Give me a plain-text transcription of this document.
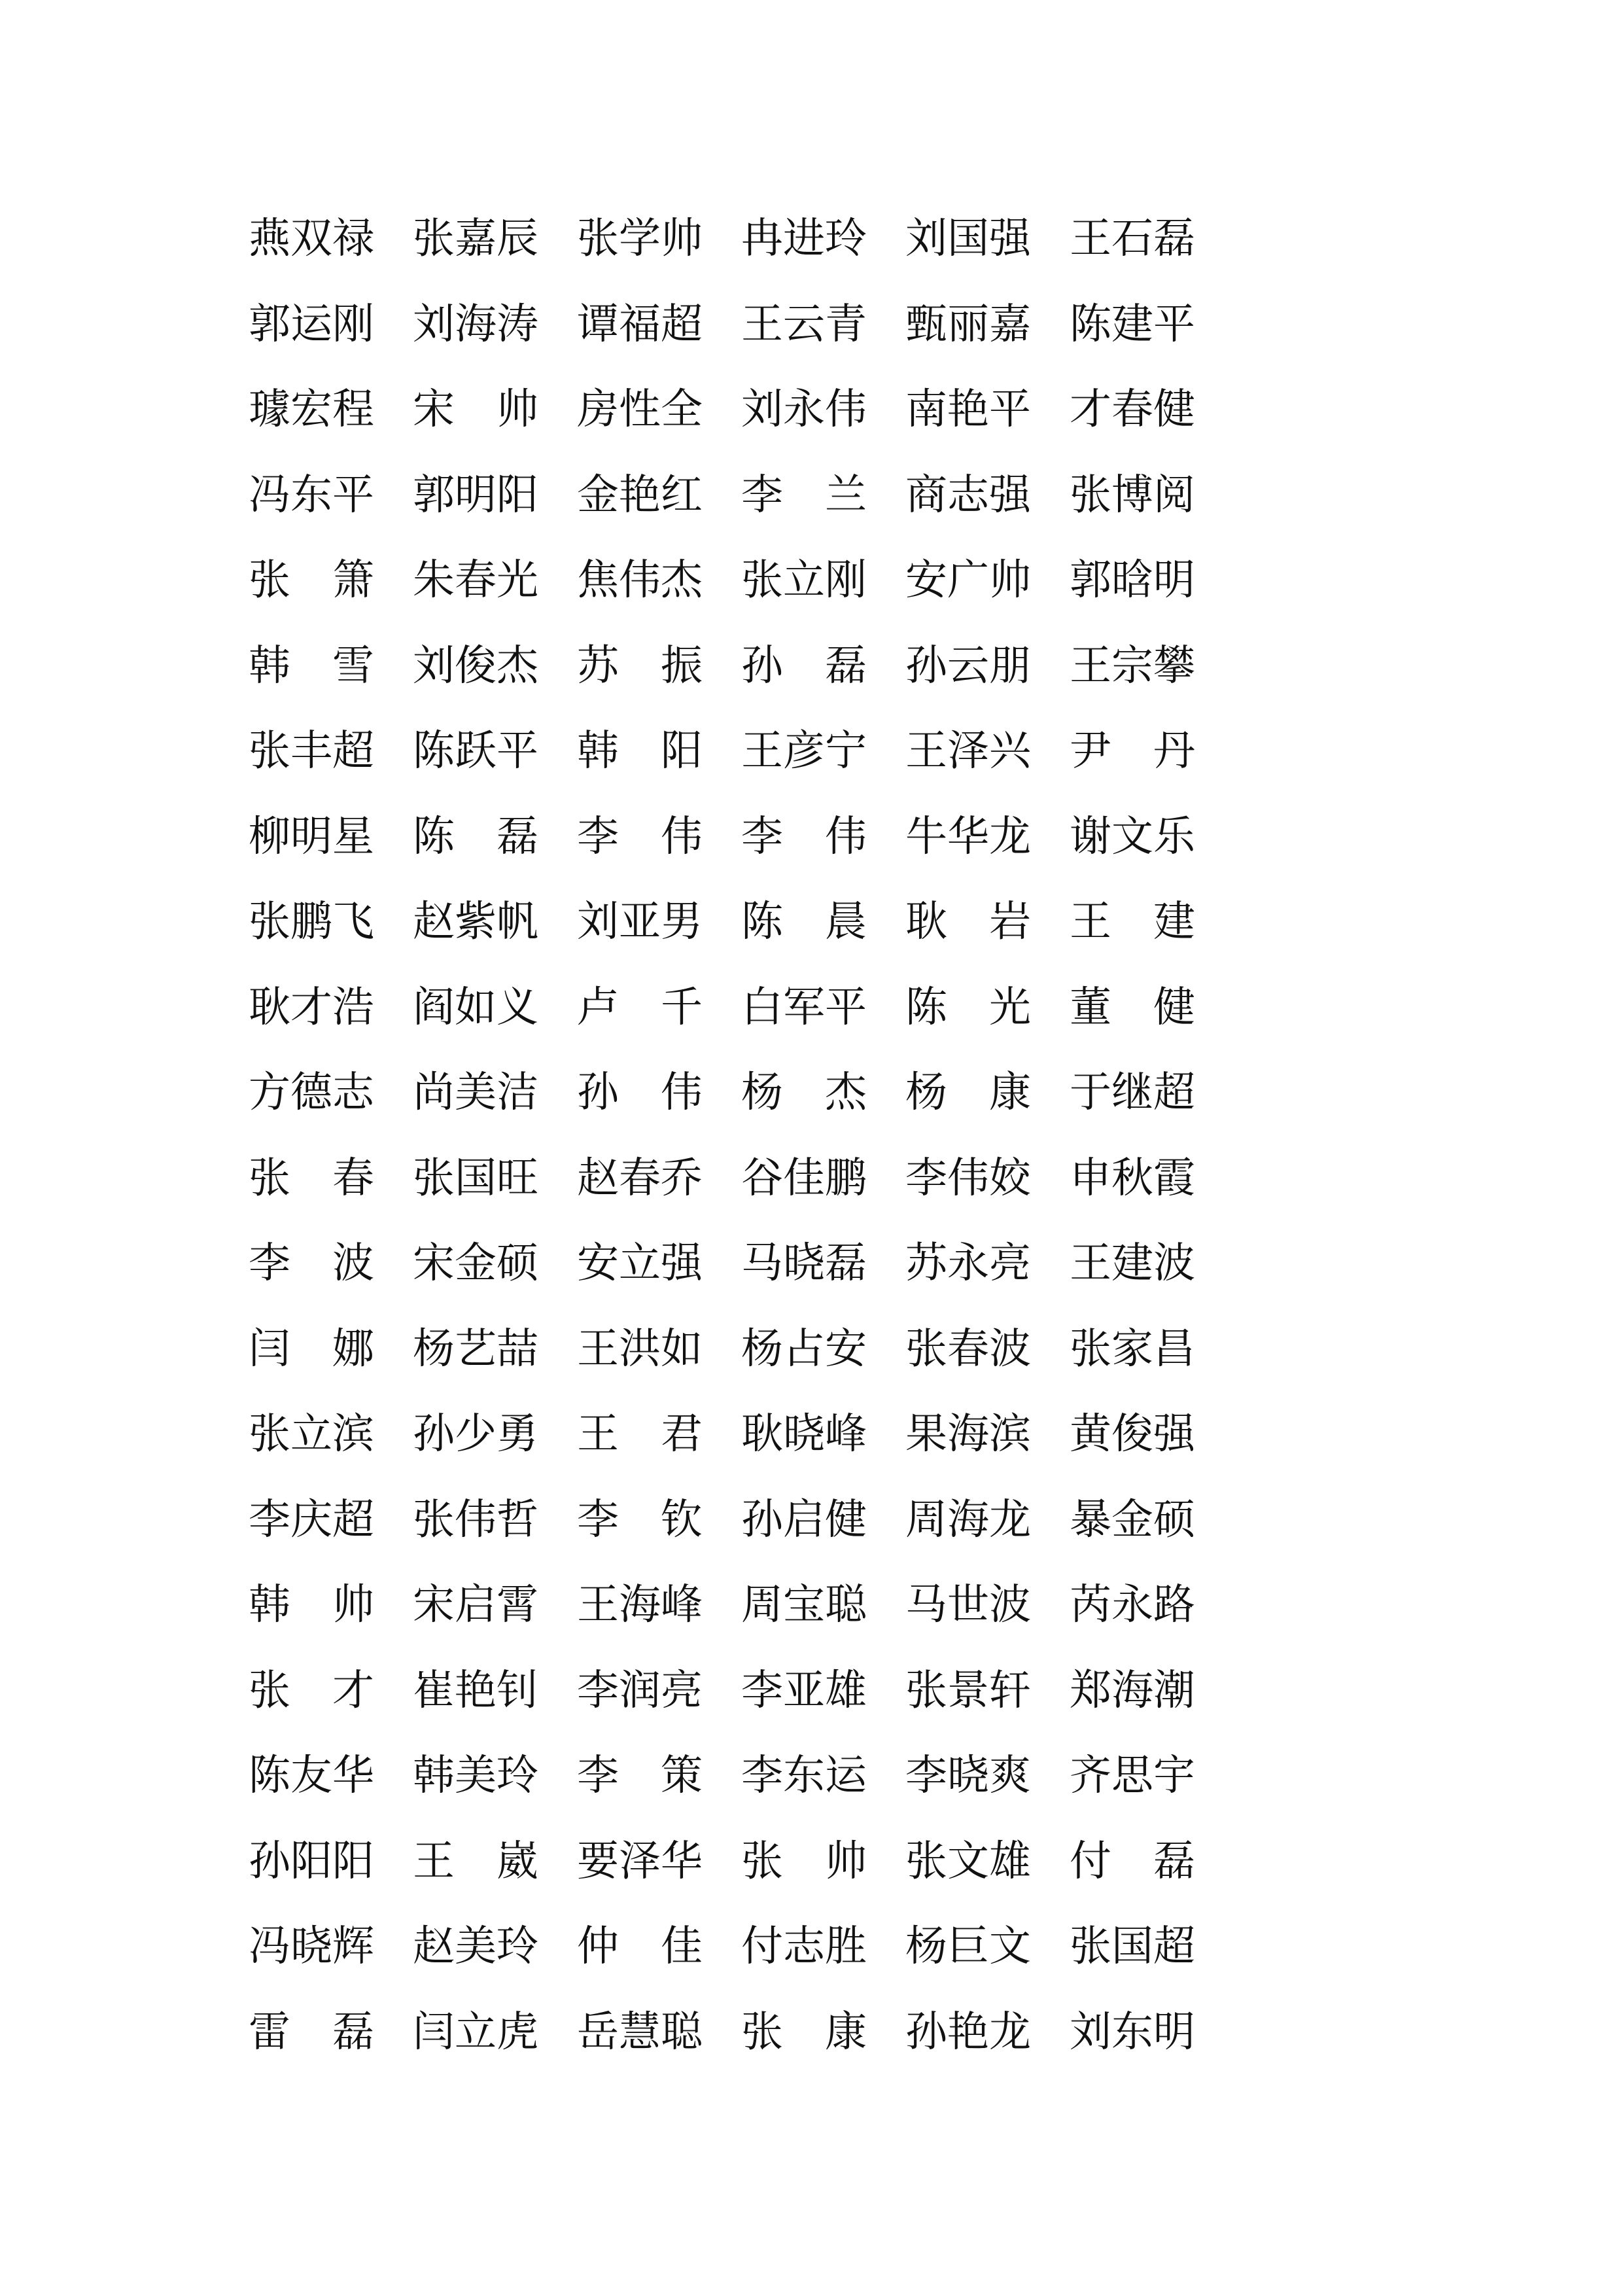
燕双禄 张嘉辰 张学帅 冉进玲 刘国强 王石磊
郭运刚 刘海涛 谭福超 王云青 甄丽嘉 陈建平
璩宏程 宋　帅 房性全 刘永伟 南艳平 才春健
冯东平 郭明阳 金艳红 李　兰 商志强 张博阅
张　箫 朱春光 焦伟杰 张立刚 安广帅 郭晗明
韩　雪 刘俊杰 苏　振 孙　磊 孙云朋 王宗攀
张丰超 陈跃平 韩　阳 王彦宁 王泽兴 尹　丹
柳明星 陈　磊 李　伟 李　伟 牛华龙 谢文乐
张鹏飞 赵紫帆 刘亚男 陈　晨 耿　岩 王　建
耿才浩 阎如义 卢　千 白军平 陈　光 董　健
方德志 尚美洁 孙　伟 杨　杰 杨　康 于继超
张　春 张国旺 赵春乔 谷佳鹏 李伟姣 申秋霞
李　波 宋金硕 安立强 马晓磊 苏永亮 王建波
闫　娜 杨艺喆 王洪如 杨占安 张春波 张家昌
张立滨 孙少勇 王　君 耿晓峰 果海滨 黄俊强
李庆超 张伟哲 李　钦 孙启健 周海龙 暴金硕
韩　帅 宋启霄 王海峰 周宝聪 马世波 芮永路
张　才 崔艳钊 李润亮 李亚雄 张景轩 郑海潮
陈友华 韩美玲 李　策 李东运 李晓爽 齐思宇
孙阳阳 王　崴 要泽华 张　帅 张文雄 付　磊
冯晓辉 赵美玲 仲　佳 付志胜 杨巨文 张国超
雷　磊 闫立虎 岳慧聪 张　康 孙艳龙 刘东明
